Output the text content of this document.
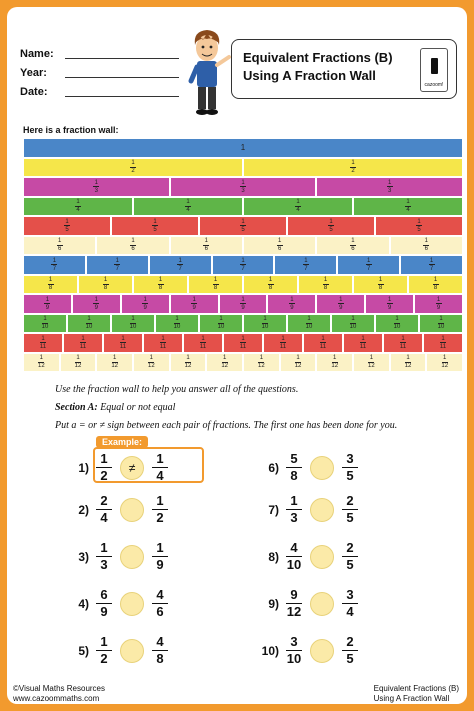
Name:
Year:
Date:
Equivalent Fractions (B)
Using A Fraction Wall
cazoom!
Here is a fraction wall:
1
1
2
1
2
1
3
1
3
1
3
1
4
1
4
1
4
1
4
1
5
1
5
1
5
1
5
1
5
1
6
1
6
1
6
1
6
1
6
1
6
1
7
1
7
1
7
1
7
1
7
1
7
1
7
1
8
1
8
1
8
1
8
1
8
1
8
1
8
1
8
1
9
1
9
1
9
1
9
1
9
1
9
1
9
1
9
1
9
1
10
1
10
1
10
1
10
1
10
1
10
1
10
1
10
1
10
1
10
1
11
1
11
1
11
1
11
1
11
1
11
1
11
1
11
1
11
1
11
1
11
1
12
1
12
1
12
1
12
1
12
1
12
1
12
1
12
1
12
1
12
1
12
1
12
Use the fraction wall to help you answer all of the questions.
Section A: Equal or not equal
Put a = or ≠ sign between each pair of fractions. The first one has been done for you.
Example:
1)
1
2
≠
1
4
2)
2
4
1
2
3)
1
3
1
9
4)
6
9
4
6
5)
1
2
4
8
6)
5
8
3
5
7)
1
3
2
5
8)
4
10
2
5
9)
9
12
3
4
10)
3
10
2
5
©Visual Maths Resources
www.cazoommaths.com
Equivalent Fractions (B)
Using A Fraction Wall
